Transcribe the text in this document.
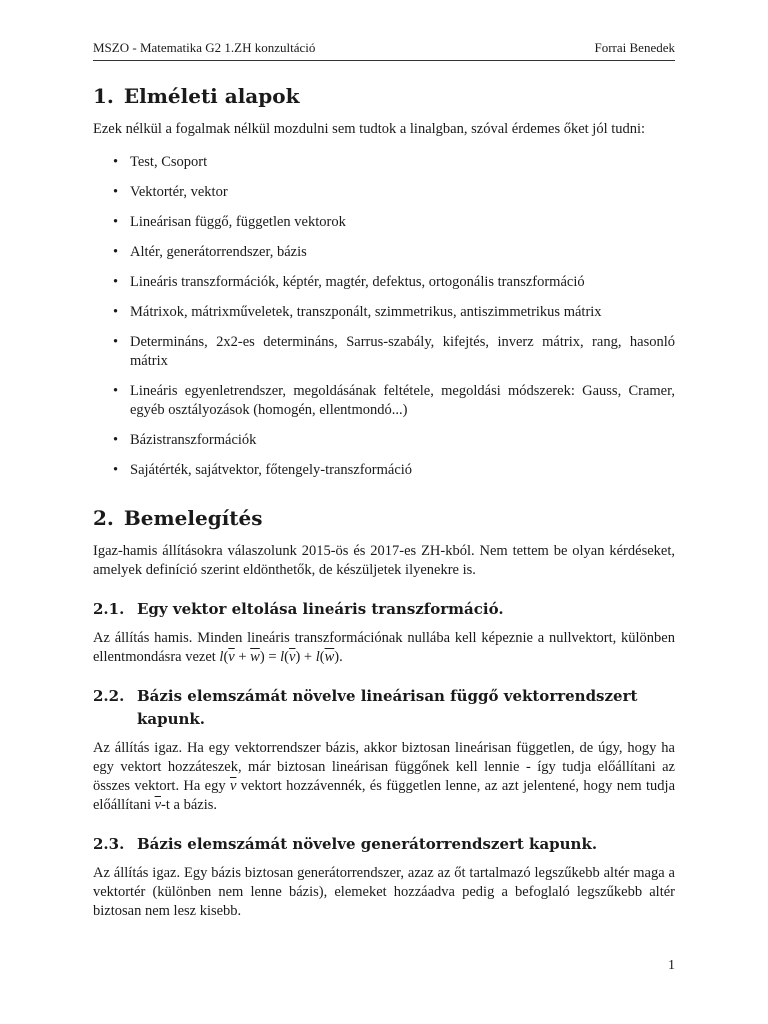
MSZO - Matematika G2 1.ZH konzultáció	Forrai Benedek
1. Elméleti alapok

Ezek nélkül a fogalmak nélkül mozdulni sem tudtok a linalgban, szóval érdemes őket jól tudni:

• Test, Csoport
• Vektortér, vektor
• Lineárisan függő, független vektorok
• Altér, generátorrendszer, bázis
• Lineáris transzformációk, képtér, magtér, defektus, ortogonális transzformáció
• Mátrixok, mátrixműveletek, transzponált, szimmetrikus, antiszimmetrikus mátrix
• Determináns, 2x2-es determináns, Sarrus-szabály, kifejtés, inverz mátrix, rang, hasonló mátrix
• Lineáris egyenletrendszer, megoldásának feltétele, megoldási módszerek: Gauss, Cramer, egyéb osztályozások (homogén, ellentmondó...)
• Bázistranszformációk
• Sajátérték, sajátvektor, főtengely-transzformáció
2. Bemelegítés

Igaz-hamis állításokra válaszolunk 2015-ös és 2017-es ZH-kból. Nem tettem be olyan kérdéseket, amelyek definíció szerint eldönthetők, de készüljetek ilyenekre is.

2.1. Egy vektor eltolása lineáris transzformáció.

Az állítás hamis. Minden lineáris transzformációnak nullába kell képeznie a nullvektort, különben ellentmondásra vezet $l(\overline{v} + \overline{w}) = l(\overline{v}) + l(\overline{w})$.

2.2. Bázis elemszámát növelve lineárisan függő vektorrendszert kapunk.

Az állítás igaz. Ha egy vektorrendszer bázis, akkor biztosan lineárisan független, de úgy, hogy ha egy vektort hozzáteszek, már biztosan lineárisan függőnek kell lennie - így tudja előállítani az összes vektort. Ha egy $\overline{v}$ vektort hozzávennék, és független lenne, az azt jelentené, hogy nem tudja előállítani $\overline{v}-t$ a bázis.

2.3. Bázis elemszámát növelve generátorrendszert kapunk.

Az állítás igaz. Egy bázis biztosan generátorrendszer, azaz az őt tartalmazó legszűkebb altér maga a vektortér (különben nem lenne bázis), elemeket hozzáadva pedig a befoglaló legszűkebb altér biztosan nem lesz kisebb.

1
